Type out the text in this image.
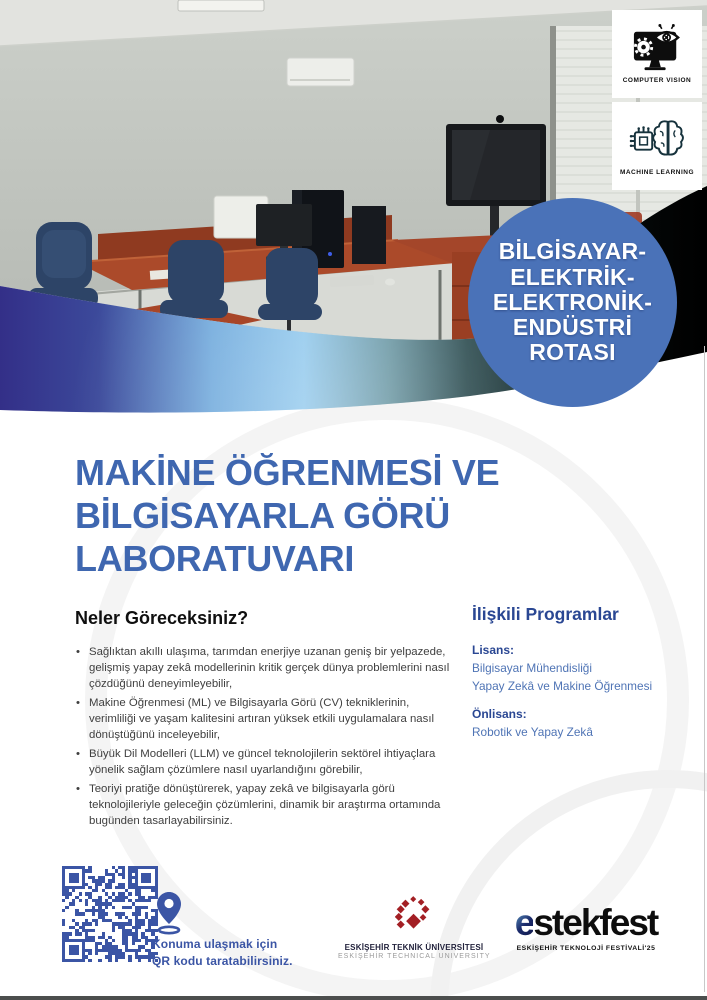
COMPUTER VISION
MACHINE LEARNING
BİLGİSAYAR-
ELEKTRİK-
ELEKTRONİK-
ENDÜSTRİ
ROTASI
MAKİNE ÖĞRENMESİ VE
BİLGİSAYARLA GÖRÜ
LABORATUVARI
Neler Göreceksiniz?
• Sağlıktan akıllı ulaşıma, tarımdan enerjiye uzanan geniş bir yelpazede, gelişmiş yapay zekâ modellerinin kritik gerçek dünya problemlerini nasıl çözdüğünü deneyimleyebilir,
• Makine Öğrenmesi (ML) ve Bilgisayarla Görü (CV) tekniklerinin, verimliliği ve yaşam kalitesini artıran yüksek etkili uygulamalara nasıl dönüştüğünü inceleyebilir,
• Büyük Dil Modelleri (LLM) ve güncel teknolojilerin sektörel ihtiyaçlara yönelik sağlam çözümlere nasıl uyarlandığını görebilir,
• Teoriyi pratiğe dönüştürerek, yapay zekâ ve bilgisayarla görü teknolojileriyle geleceğin çözümlerini, dinamik bir araştırma ortamında bugünden tasarlayabilirsiniz.
İlişkili Programlar
Lisans:
Bilgisayar Mühendisliği
Yapay Zekâ ve Makine Öğrenmesi
Önlisans:
Robotik ve Yapay Zekâ
Konuma ulaşmak için
QR kodu taratabilirsiniz.
ESKİŞEHİR TEKNİK ÜNİVERSİTESİ
ESKİŞEHİR TECHNICAL UNIVERSITY
estekfest
ESKİŞEHİR TEKNOLOJİ FESTİVALİ'25
